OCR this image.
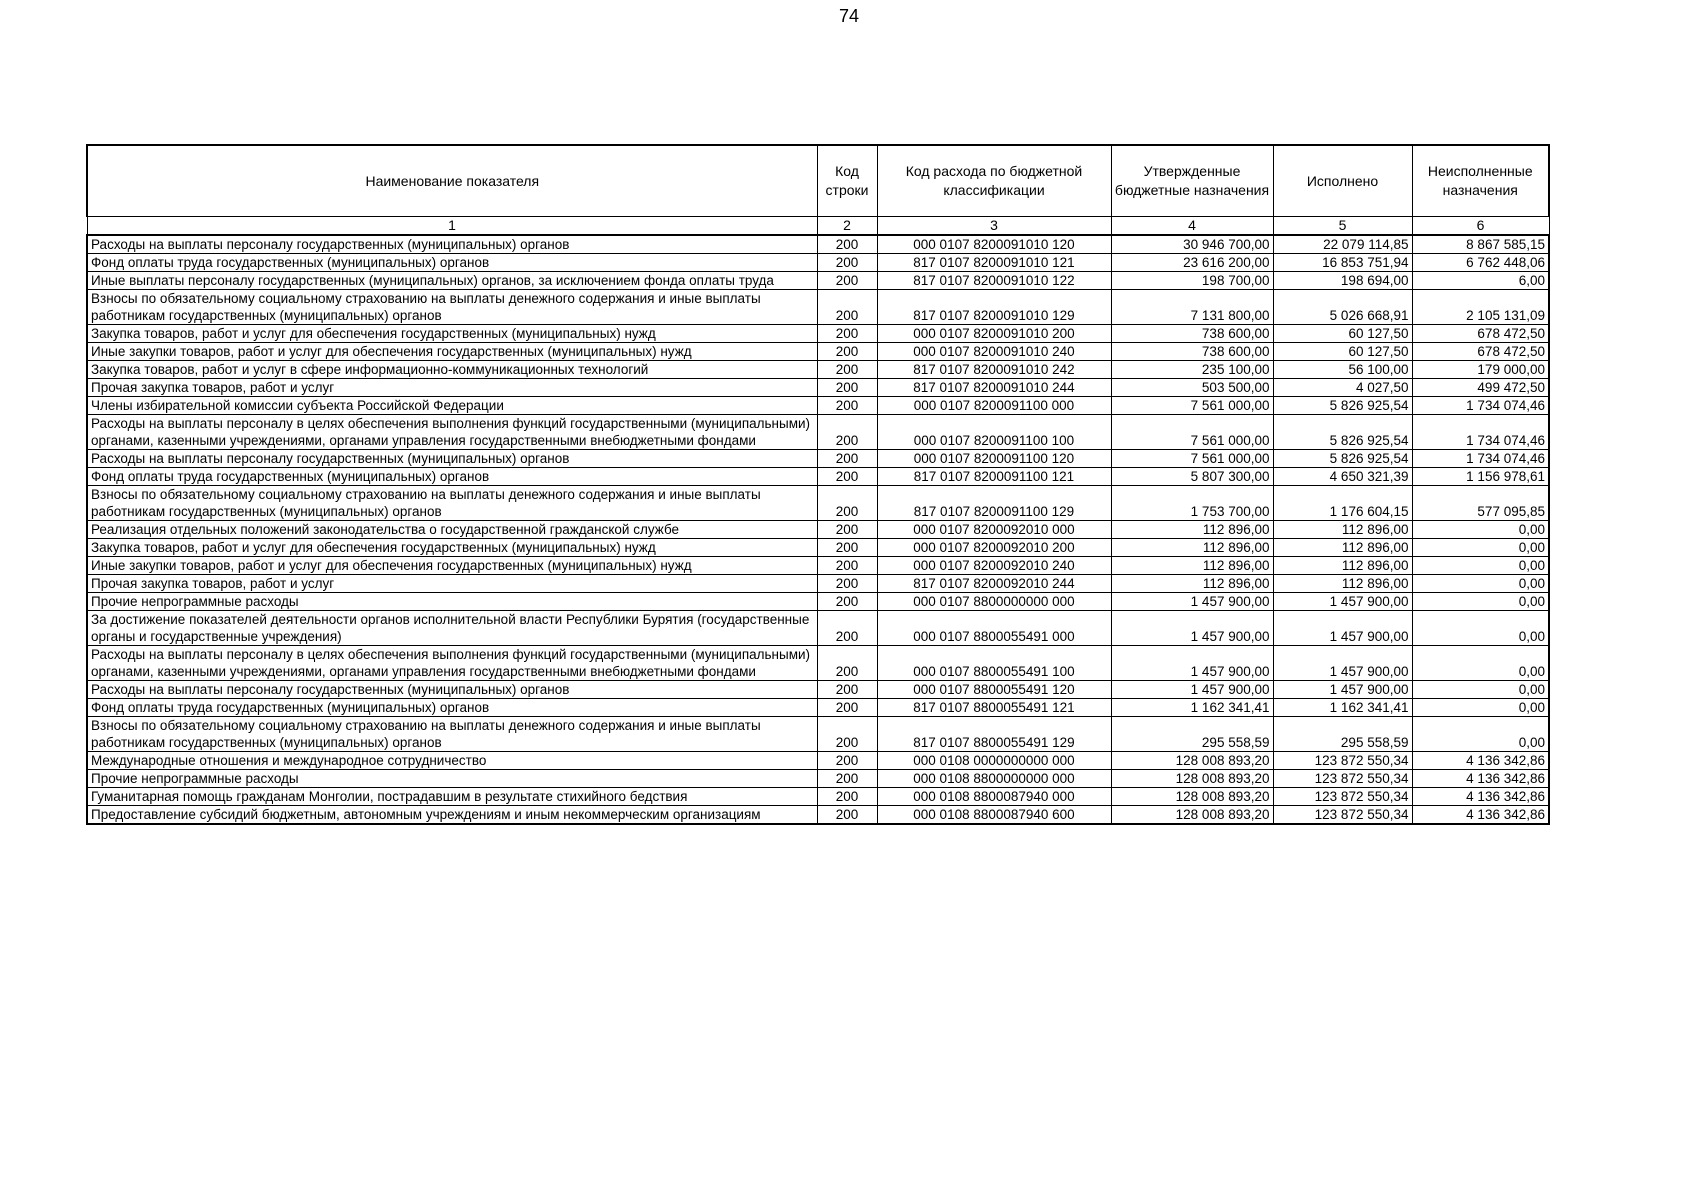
74
Наименование показателя	Код строки	Код расхода по бюджетной классификации	Утвержденные бюджетные назначения	Исполнено	Неисполненные назначения
1	2	3	4	5	6
Расходы на выплаты персоналу государственных (муниципальных) органов	200	000 0107 8200091010 120	30 946 700,00	22 079 114,85	8 867 585,15
Фонд оплаты труда государственных (муниципальных) органов	200	817 0107 8200091010 121	23 616 200,00	16 853 751,94	6 762 448,06
Иные выплаты персоналу государственных (муниципальных) органов, за исключением фонда оплаты труда	200	817 0107 8200091010 122	198 700,00	198 694,00	6,00
Взносы по обязательному социальному страхованию на выплаты денежного содержания и иные выплаты работникам государственных (муниципальных) органов	200	817 0107 8200091010 129	7 131 800,00	5 026 668,91	2 105 131,09
Закупка товаров, работ и услуг для обеспечения государственных (муниципальных) нужд	200	000 0107 8200091010 200	738 600,00	60 127,50	678 472,50
Иные закупки товаров, работ и услуг для обеспечения государственных (муниципальных) нужд	200	000 0107 8200091010 240	738 600,00	60 127,50	678 472,50
Закупка товаров, работ и услуг в сфере информационно-коммуникационных технологий	200	817 0107 8200091010 242	235 100,00	56 100,00	179 000,00
Прочая закупка товаров, работ и услуг	200	817 0107 8200091010 244	503 500,00	4 027,50	499 472,50
Члены избирательной комиссии субъекта Российской Федерации	200	000 0107 8200091100 000	7 561 000,00	5 826 925,54	1 734 074,46
Расходы на выплаты персоналу в целях обеспечения выполнения функций государственными (муниципальными) органами, казенными учреждениями, органами управления государственными внебюджетными фондами	200	000 0107 8200091100 100	7 561 000,00	5 826 925,54	1 734 074,46
Расходы на выплаты персоналу государственных (муниципальных) органов	200	000 0107 8200091100 120	7 561 000,00	5 826 925,54	1 734 074,46
Фонд оплаты труда государственных (муниципальных) органов	200	817 0107 8200091100 121	5 807 300,00	4 650 321,39	1 156 978,61
Взносы по обязательному социальному страхованию на выплаты денежного содержания и иные выплаты работникам государственных (муниципальных) органов	200	817 0107 8200091100 129	1 753 700,00	1 176 604,15	577 095,85
Реализация отдельных положений законодательства о государственной гражданской службе	200	000 0107 8200092010 000	112 896,00	112 896,00	0,00
Закупка товаров, работ и услуг для обеспечения государственных (муниципальных) нужд	200	000 0107 8200092010 200	112 896,00	112 896,00	0,00
Иные закупки товаров, работ и услуг для обеспечения государственных (муниципальных) нужд	200	000 0107 8200092010 240	112 896,00	112 896,00	0,00
Прочая закупка товаров, работ и услуг	200	817 0107 8200092010 244	112 896,00	112 896,00	0,00
Прочие непрограммные расходы	200	000 0107 8800000000 000	1 457 900,00	1 457 900,00	0,00
За достижение показателей деятельности органов исполнительной власти Республики Бурятия (государственные органы и государственные учреждения)	200	000 0107 8800055491 000	1 457 900,00	1 457 900,00	0,00
Расходы на выплаты персоналу в целях обеспечения выполнения функций государственными (муниципальными) органами, казенными учреждениями, органами управления государственными внебюджетными фондами	200	000 0107 8800055491 100	1 457 900,00	1 457 900,00	0,00
Расходы на выплаты персоналу государственных (муниципальных) органов	200	000 0107 8800055491 120	1 457 900,00	1 457 900,00	0,00
Фонд оплаты труда государственных (муниципальных) органов	200	817 0107 8800055491 121	1 162 341,41	1 162 341,41	0,00
Взносы по обязательному социальному страхованию на выплаты денежного содержания и иные выплаты работникам государственных (муниципальных) органов	200	817 0107 8800055491 129	295 558,59	295 558,59	0,00
Международные отношения и международное сотрудничество	200	000 0108 0000000000 000	128 008 893,20	123 872 550,34	4 136 342,86
Прочие непрограммные расходы	200	000 0108 8800000000 000	128 008 893,20	123 872 550,34	4 136 342,86
Гуманитарная помощь гражданам Монголии, пострадавшим в результате стихийного бедствия	200	000 0108 8800087940 000	128 008 893,20	123 872 550,34	4 136 342,86
Предоставление субсидий бюджетным, автономным учреждениям и иным некоммерческим организациям	200	000 0108 8800087940 600	128 008 893,20	123 872 550,34	4 136 342,86
